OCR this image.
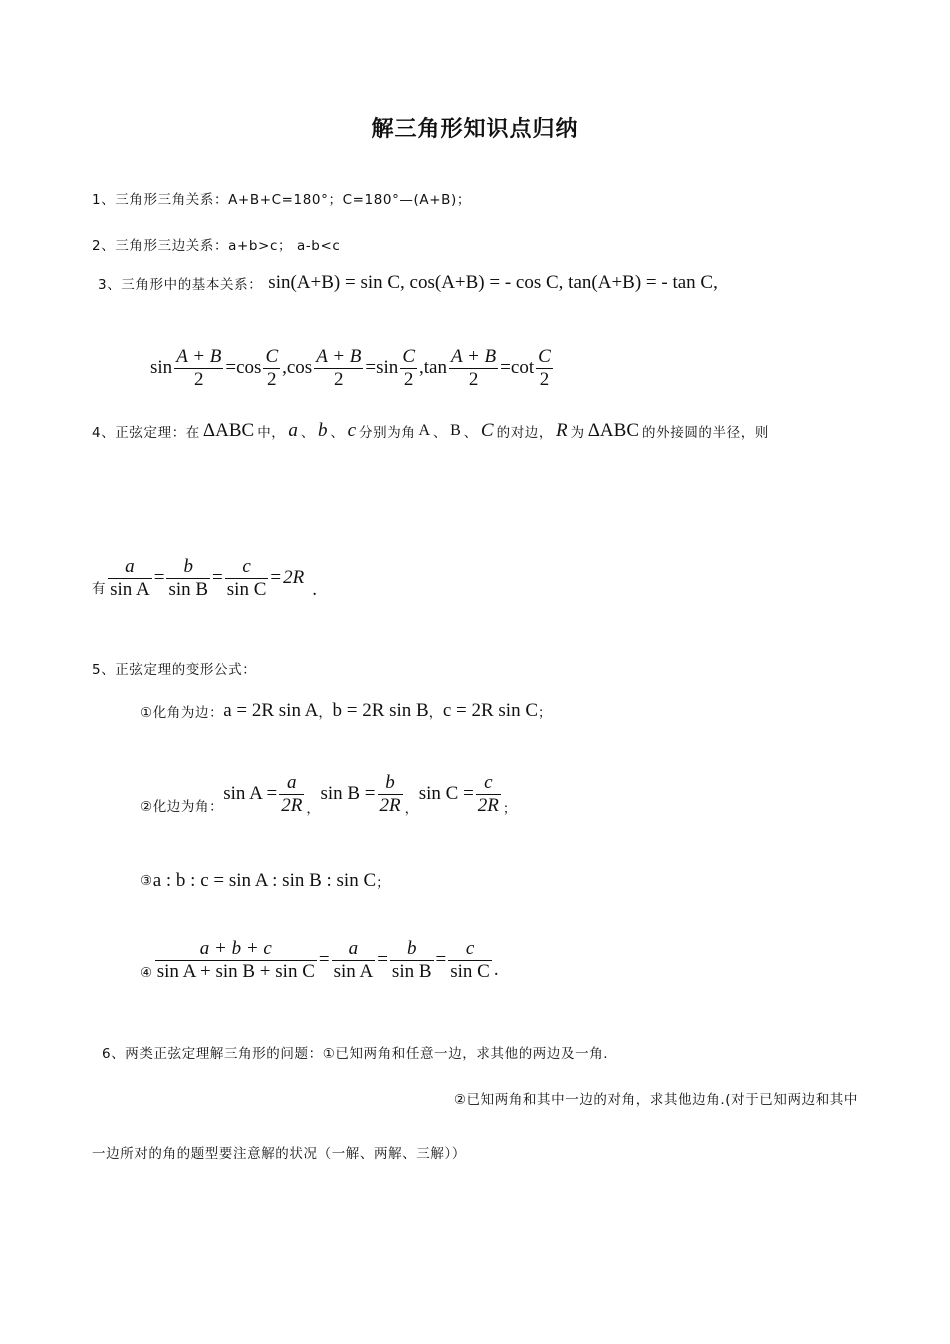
解三角形知识点归纳
1、三角形三角关系：A+B+C=180°；C=180°—(A+B)；
2、三角形三边关系：a+b>c； a-b<c
3、三角形中的基本关系： sin(A+B) = sin C, cos(A+B) = - cos C, tan(A+B) = - tan C,
$\sin \frac{A + B}{2} = \cos \frac{C}{2}$ , $\cos \frac{A + B}{2} = \sin \frac{C}{2}$ , $\tan \frac{A + B}{2} = \cot \frac{C}{2}$
4、正弦定理：在 ΔABC 中， a 、 b 、 c 分别为角 A 、 B 、 C 的对边， R 为 ΔABC 的外接圆的半径，则
有 $\frac{a}{\text{sin A}} = \frac{b}{\text{sin B}} = \frac{c}{\text{sin C}} = 2R$
.
5、正弦定理的变形公式：
①化角为边： a = 2R sin A ， b = 2R sin B ， c = 2R sin C ；
②化边为角：
$\sin A = \frac{a}{2R}$ ，
$\sin B = \frac{b}{2R}$ ，
$\sin C = \frac{c}{2R}$ ；
③ a : b : c = sin A : sin B : sin C ；
④ $\frac{a + b + c}{\text{sin A + sin B + sin C}} = \frac{a}{\text{sin A}} = \frac{b}{\text{sin B}} = \frac{c}{\text{sin C}}$ .
6、两类正弦定理解三角形的问题：①已知两角和任意一边，求其他的两边及一角.
②已知两角和其中一边的对角，求其他边角.(对于已知两边和其中
一边所对的角的题型要注意解的状况（一解、两解、三解））
